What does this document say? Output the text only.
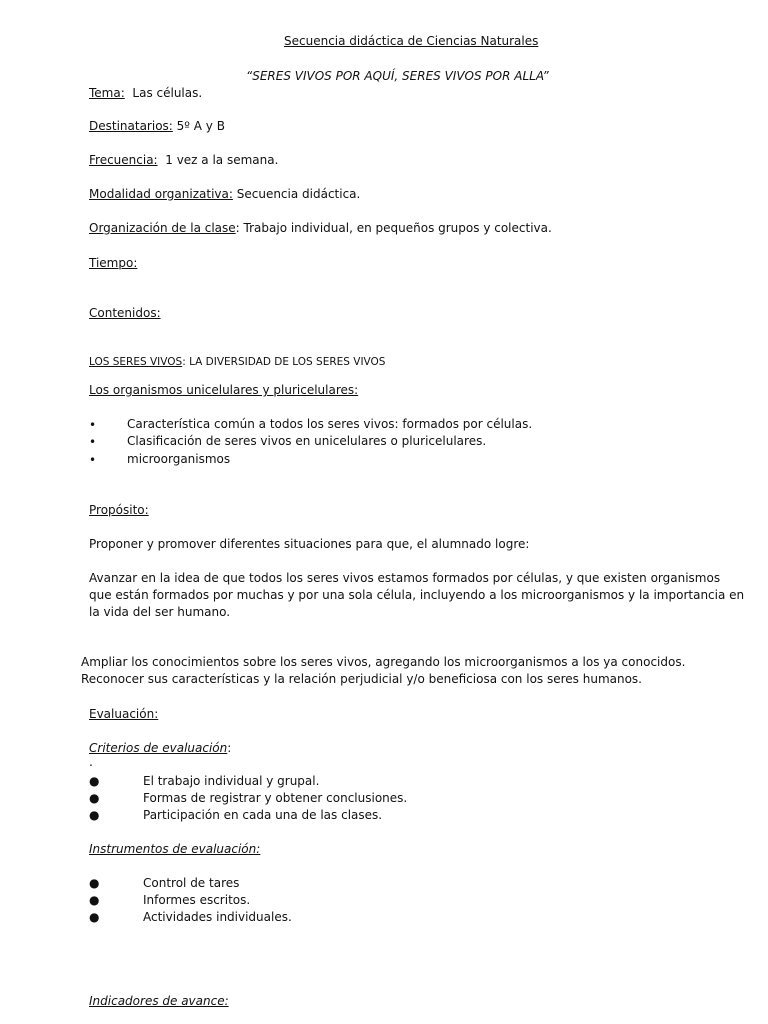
Secuencia didáctica de Ciencias Naturales

“SERES VIVOS POR AQUÍ, SERES VIVOS POR ALLA”

Tema: Las células.

Destinatarios: 5º A y B

Frecuencia: 1 vez a la semana.

Modalidad organizativa: Secuencia didáctica.

Organización de la clase: Trabajo individual, en pequeños grupos y colectiva.

Tiempo:

Contenidos:

LOS SERES VIVOS: LA DIVERSIDAD DE LOS SERES VIVOS

Los organismos unicelulares y pluricelulares:

•	Característica común a todos los seres vivos: formados por células.
•	Clasificación de seres vivos en unicelulares o pluricelulares.
•	microorganismos

Propósito:

Proponer y promover diferentes situaciones para que, el alumnado logre:

Avanzar en la idea de que todos los seres vivos estamos formados por células, y que existen organismos

que están formados por muchas y por una sola célula, incluyendo a los microorganismos y la importancia en

la vida del ser humano.

Ampliar los conocimientos sobre los seres vivos, agregando los microorganismos a los ya conocidos.

Reconocer sus características y la relación perjudicial y/o beneficiosa con los seres humanos.

Evaluación:

Criterios de evaluación:

.

●	El trabajo individual y grupal.
●	Formas de registrar y obtener conclusiones.
●	Participación en cada una de las clases.

Instrumentos de evaluación:

●	Control de tares
●	Informes escritos.
●	Actividades individuales.

Indicadores de avance:
